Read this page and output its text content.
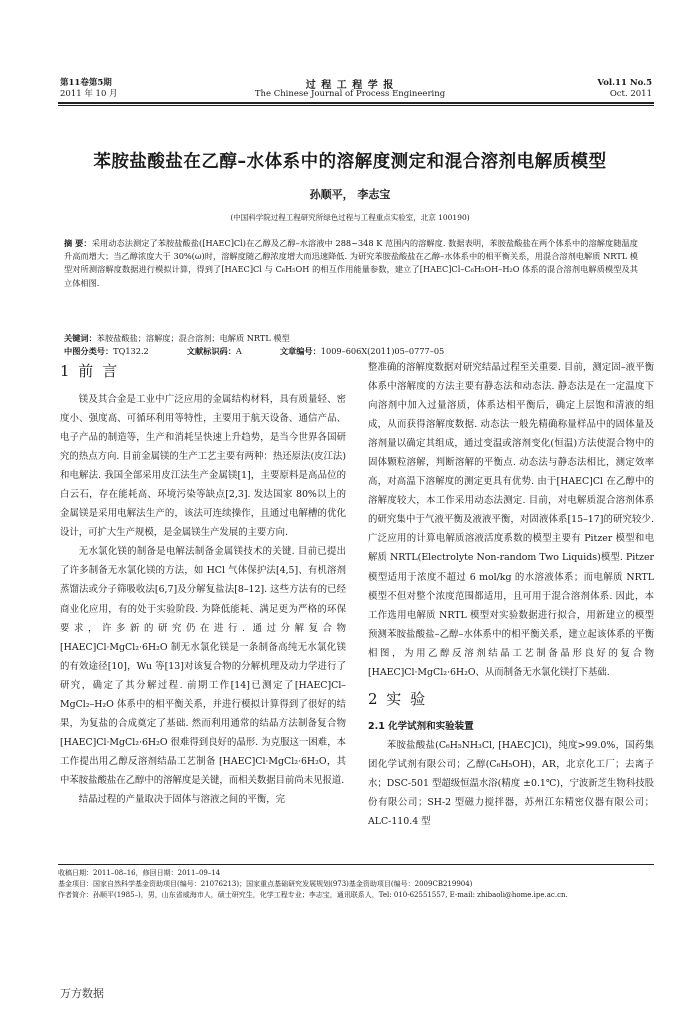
第11卷第5期
2011 年 10 月
过 程 工 程 学 报
The Chinese Journal of Process Engineering
Vol.11 No.5
Oct. 2011
苯胺盐酸盐在乙醇–水体系中的溶解度测定和混合溶剂电解质模型
孙顺平， 李志宝
(中国科学院过程工程研究所绿色过程与工程重点实验室，北京 100190)

摘 要：采用动态法测定了苯胺盐酸盐([HAEC]Cl)在乙醇及乙醇–水溶液中 288~348 K 范围内的溶解度. 数据表明，苯胺盐酸盐在两个体系中的溶解度随温度升高而增大；当乙醇浓度大于 30%(ω)时，溶解度随乙醇浓度增大而迅速降低. 为研究苯胺盐酸盐在乙醇–水体系中的相平衡关系，用混合溶剂电解质 NRTL 模型对所测溶解度数据进行模拟计算，得到了[HAEC]Cl 与 C₆H₅OH 的相互作用能量参数，建立了[HAEC]Cl–C₆H₅OH–H₂O 体系的混合溶剂电解质模型及其立体相图.

关键词：苯胺盐酸盐；溶解度；混合溶剂；电解质 NRTL 模型
中图分类号：TQ132.2	文献标识码：A	文章编号：1009–606X(2011)05–0777–05
1 前 言

镁及其合金是工业中广泛应用的金属结构材料，具有质量轻、密度小、强度高、可循环利用等特性，主要用于航天设备、通信产品、电子产品的制造等，生产和消耗呈快速上升趋势，是当今世界各国研究的热点方向. 目前金属镁的生产工艺主要有两种：热还原法(皮江法)和电解法. 我国全部采用皮江法生产金属镁[1]，主要原料是高品位的白云石，存在能耗高、环境污染等缺点[2,3]. 发达国家 80%以上的金属镁是采用电解法生产的，该法可连续操作，且通过电解槽的优化设计，可扩大生产规模，是金属镁生产发展的主要方向.

无水氯化镁的制备是电解法制备金属镁技术的关键. 目前已提出了许多制备无水氯化镁的方法，如 HCl 气体保护法[4,5]、有机溶剂蒸馏法或分子筛吸收法[6,7]及分解复盐法[8–12]. 这些方法有的已经商业化应用，有的处于实验阶段. 为降低能耗、满足更为严格的环保要求，许多新的研究仍在进行. 通过分解复合物 [HAEC]Cl·MgCl₂·6H₂O 制无水氯化镁是一条制备高纯无水氯化镁的有效途径[10]，Wu 等[13]对该复合物的分解机理及动力学进行了研究，确定了其分解过程. 前期工作[14]已测定了[HAEC]Cl–MgCl₂–H₂O 体系中的相平衡关系，并进行模拟计算得到了很好的结果，为复盐的合成奠定了基础. 然而利用通常的结晶方法制备复合物 [HAEC]Cl·MgCl₂·6H₂O 很难得到良好的晶形. 为克服这一困难，本工作提出用乙醇反溶剂结晶工艺制备 [HAEC]Cl·MgCl₂·6H₂O，其中苯胺盐酸盐在乙醇中的溶解度是关键，而相关数据目前尚未见报道.

结晶过程的产量取决于固体与溶液之间的平衡，完

整准确的溶解度数据对研究结晶过程至关重要. 目前，测定固–液平衡体系中溶解度的方法主要有静态法和动态法. 静态法是在一定温度下向溶剂中加入过量溶质，体系达相平衡后，确定上层饱和清液的组成，从而获得溶解度数据. 动态法一般先精确称量样品中的固体量及溶剂量以确定其组成，通过变温或溶剂变化(恒温)方法使混合物中的固体颗粒溶解，判断溶解的平衡点. 动态法与静态法相比，测定效率高，对高温下溶解度的测定更具有优势. 由于[HAEC]Cl 在乙醇中的溶解度较大，本工作采用动态法测定. 目前，对电解质混合溶剂体系的研究集中于气液平衡及液液平衡，对固液体系[15–17]的研究较少. 广泛应用的计算电解质溶液活度系数的模型主要有 Pitzer 模型和电解质 NRTL(Electrolyte Non-random Two Liquids)模型. Pitzer 模型适用于浓度不超过 6 mol/kg 的水溶液体系；而电解质 NRTL 模型不但对整个浓度范围都适用，且可用于混合溶剂体系. 因此，本工作选用电解质 NRTL 模型对实验数据进行拟合，用新建立的模型预测苯胺盐酸盐–乙醇–水体系中的相平衡关系，建立起该体系的平衡相图，为用乙醇反溶剂结晶工艺制备晶形良好的复合物[HAEC]Cl·MgCl₂·6H₂O、从而制备无水氯化镁打下基础.

2 实 验
2.1 化学试剂和实验装置

苯胺盐酸盐(C₆H₅NH₃Cl, [HAEC]Cl)，纯度>99.0%，国药集团化学试剂有限公司；乙醇(C₆H₅OH)，AR，北京化工厂；去离子水；DSC-501 型超级恒温水浴(精度 ±0.1℃)，宁波新芝生物科技股份有限公司；SH-2 型磁力搅拌器，苏州江东精密仪器有限公司；ALC-110.4 型

收稿日期：2011–08–16，修回日期：2011–09–14

基金项目：国家自然科学基金资助项目(编号：21076213)；国家重点基础研究发展规划(973)基金资助项目(编号：2009CB219904)

作者简介：孙顺平(1985–)，男，山东省威海市人，硕士研究生，化学工程专业；李志宝，通讯联系人，Tel: 010-62551557, E-mail: zhibaoli@home.ipe.ac.cn.

万方数据
